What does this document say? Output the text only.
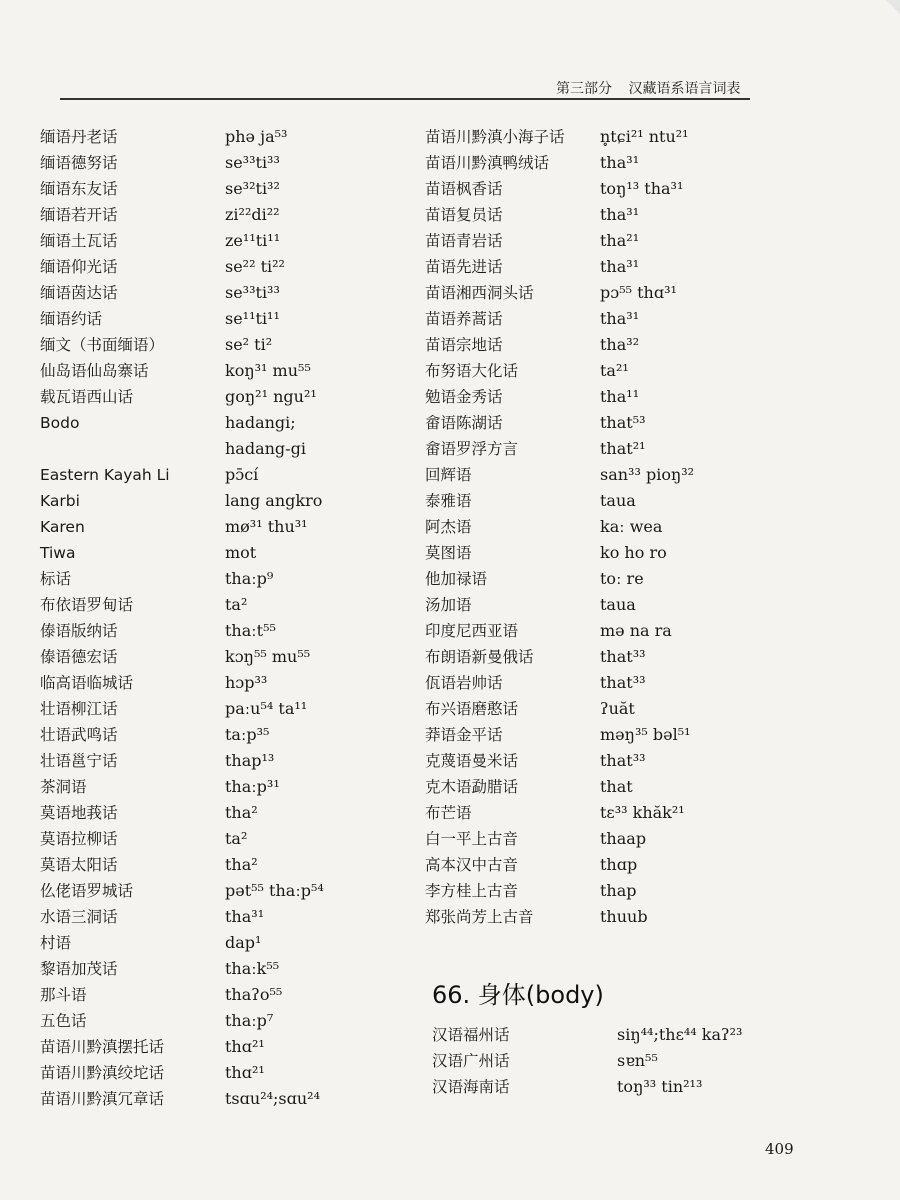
第三部分 汉藏语系语言词表
缅语丹老话	phə ja⁵³
缅语德努话	se³³ti³³
缅语东友话	se³²ti³²
缅语若开话	zi²²di²²
缅语土瓦话	ze¹¹ti¹¹
缅语仰光话	se²² ti²²
缅语茵达话	se³³ti³³
缅语约话	se¹¹ti¹¹
缅文（书面缅语）	se² ti²
仙岛语仙岛寨话	koŋ³¹ mu⁵⁵
载瓦语西山话	goŋ²¹ ngu²¹
Bodo	hadangi;
hadang-gi
Eastern Kayah Li	pɔ̄cí
Karbi	lang angkro
Karen	mø³¹ thu³¹
Tiwa	mot
标话	thaːp⁹
布依语罗甸话	ta²
傣语版纳话	thaːt⁵⁵
傣语德宏话	kɔŋ⁵⁵ mu⁵⁵
临高语临城话	hɔp³³
壮语柳江话	paːu⁵⁴ ta¹¹
壮语武鸣话	taːp³⁵
壮语邕宁话	thap¹³
茶洞语	thaːp³¹
莫语地莪话	tha²
莫语拉柳话	ta²
莫语太阳话	tha²
仫佬语罗城话	pət⁵⁵ thaːp⁵⁴
水语三洞话	tha³¹
村语	dap¹
黎语加茂话	thaːk⁵⁵
那斗语	thaʔo⁵⁵
五色话	thaːp⁷
苗语川黔滇摆托话	thɑ²¹
苗语川黔滇绞坨话	thɑ²¹
苗语川黔滇冗章话	tsɑu²⁴;sɑu²⁴
苗语川黔滇小海子话 n̥tɕi²¹ ntu²¹
苗语川黔滇鸭绒话	tha³¹
苗语枫香话	toŋ¹³ tha³¹
苗语复员话	tha³¹
苗语青岩话	tha²¹
苗语先进话	tha³¹
苗语湘西洞头话	pɔ⁵⁵ thɑ³¹
苗语养蒿话	tha³¹
苗语宗地话	tha³²
布努语大化话	ta²¹
勉语金秀话	tha¹¹
畲语陈湖话	that⁵³
畲语罗浮方言	that²¹
回辉语	san³³ pioŋ³²
泰雅语	taua
阿杰语	kaː wea
莫图语	ko ho ro
他加禄语	toː re
汤加语	taua
印度尼西亚语	mə na ra
布朗语新曼俄话	that³³
佤语岩帅话	that³³
布兴语磨憨话	ʔuăt
莽语金平话	məŋ³⁵ bəl⁵¹
克蔑语曼米话	that³³
克木语勐腊话	that
布芒语	tɛ³³ khăk²¹
白一平上古音	thaap
高本汉中古音	thɑp
李方桂上古音	thap
郑张尚芳上古音	thuub
66. 身体(body)
汉语福州话	siŋ⁴⁴;thɛ⁴⁴ kaʔ²³
汉语广州话	sɐn⁵⁵
汉语海南话	toŋ³³ tin²¹³
409
